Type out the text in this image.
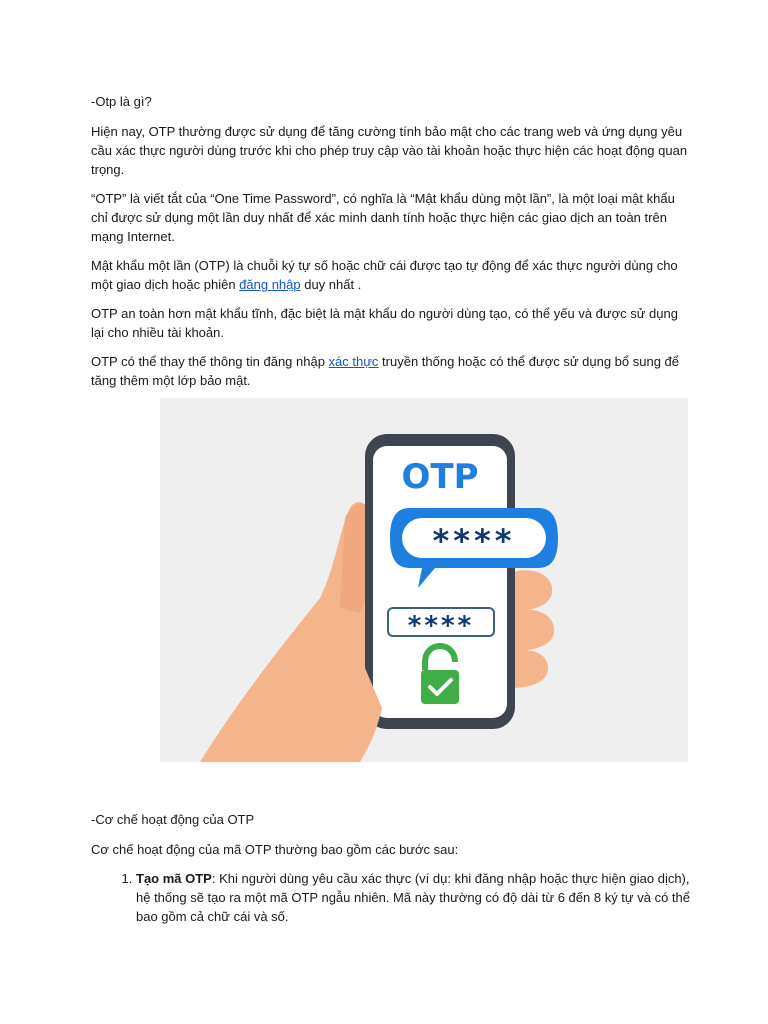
-Otp là gì?

Hiện nay, OTP thường được sử dụng để tăng cường tính bảo mật cho các trang web và ứng dụng yêu cầu xác thực người dùng trước khi cho phép truy cập vào tài khoản hoặc thực hiện các hoạt động quan trọng.

“OTP” là viết tắt của “One Time Password”, có nghĩa là “Mật khẩu dùng một lần”, là một loại mật khẩu chỉ được sử dụng một lần duy nhất để xác minh danh tính hoặc thực hiện các giao dịch an toàn trên mạng Internet.

Mật khẩu một lần (OTP) là chuỗi ký tự số hoặc chữ cái được tạo tự động để xác thực người dùng cho một giao dịch hoặc phiên đăng nhập duy nhất .

OTP an toàn hơn mật khẩu tĩnh, đặc biệt là mật khẩu do người dùng tạo, có thể yếu và được sử dụng lại cho nhiều tài khoản.

OTP có thể thay thế thông tin đăng nhập xác thực truyền thống hoặc có thể được sử dụng bổ sung để tăng thêm một lớp bảo mật.

OTP
****
****

-Cơ chế hoạt động của OTP

Cơ chế hoạt động của mã OTP thường bao gồm các bước sau:

1. Tạo mã OTP: Khi người dùng yêu cầu xác thực (ví dụ: khi đăng nhập hoặc thực hiện giao dịch), hệ thống sẽ tạo ra một mã OTP ngẫu nhiên. Mã này thường có độ dài từ 6 đến 8 ký tự và có thể bao gồm cả chữ cái và số.
